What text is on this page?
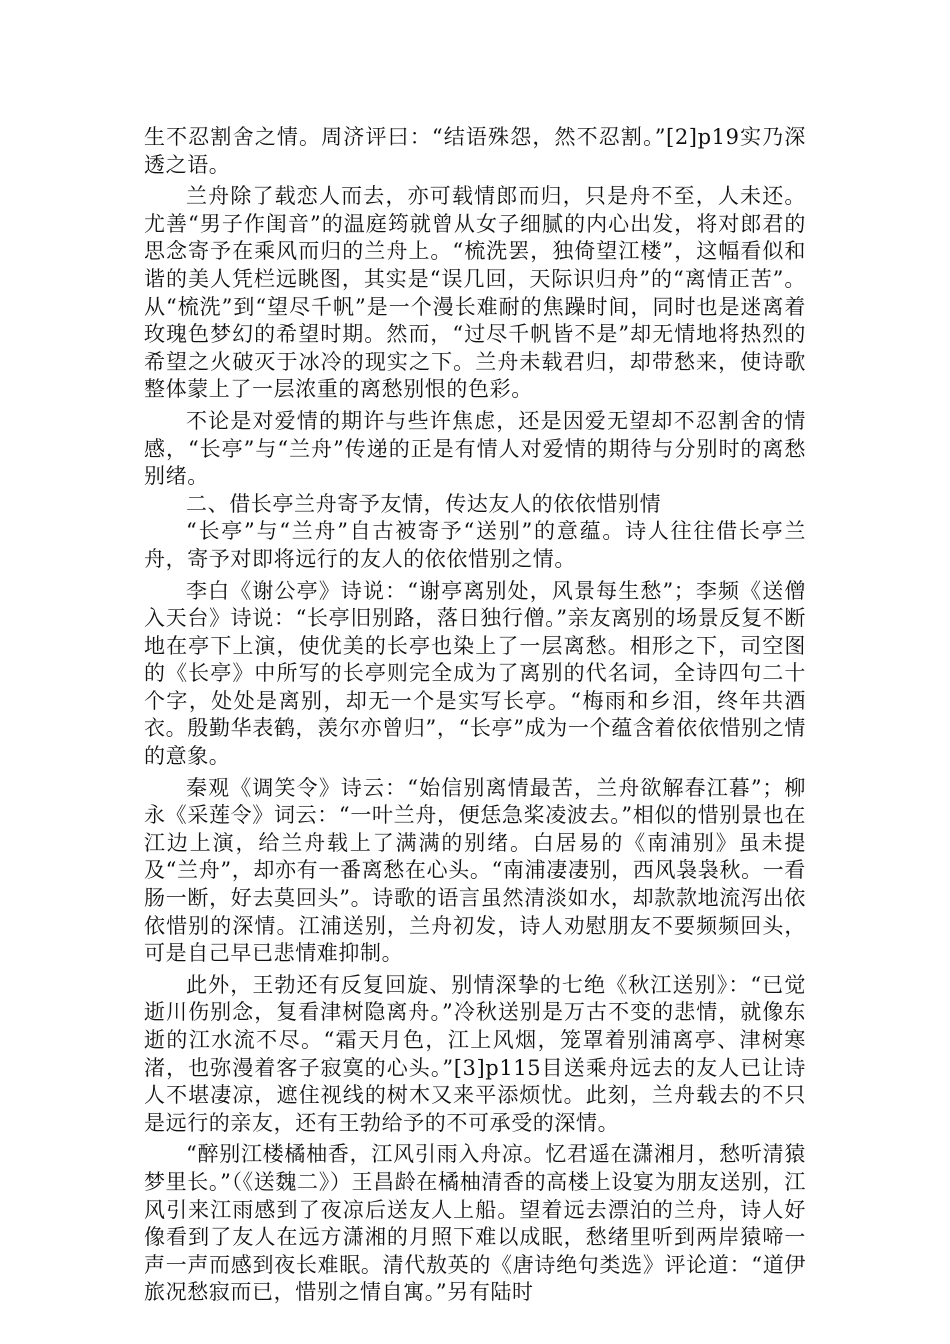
生不忍割舍之情。周济评曰：“结语殊怨，然不忍割。”[2]p19实乃深透之语。

兰舟除了载恋人而去，亦可载情郎而归，只是舟不至，人未还。尤善“男子作闺音”的温庭筠就曾从女子细腻的内心出发，将对郎君的思念寄予在乘风而归的兰舟上。“梳洗罢，独倚望江楼”，这幅看似和谐的美人凭栏远眺图，其实是“误几回，天际识归舟”的“离情正苦”。从“梳洗”到“望尽千帆”是一个漫长难耐的焦躁时间，同时也是迷离着玫瑰色梦幻的希望时期。然而，“过尽千帆皆不是”却无情地将热烈的希望之火破灭于冰冷的现实之下。兰舟未载君归，却带愁来，使诗歌整体蒙上了一层浓重的离愁别恨的色彩。

不论是对爱情的期许与些许焦虑，还是因爱无望却不忍割舍的情感，“长亭”与“兰舟”传递的正是有情人对爱情的期待与分别时的离愁别绪。

二、借长亭兰舟寄予友情，传达友人的依依惜别情

“长亭”与“兰舟”自古被寄予“送别”的意蕴。诗人往往借长亭兰舟，寄予对即将远行的友人的依依惜别之情。

李白《谢公亭》诗说：“谢亭离别处，风景每生愁”；李频《送僧入天台》诗说：“长亭旧别路，落日独行僧。”亲友离别的场景反复不断地在亭下上演，使优美的长亭也染上了一层离愁。相形之下，司空图的《长亭》中所写的长亭则完全成为了离别的代名词，全诗四句二十个字，处处是离别，却无一个是实写长亭。“梅雨和乡泪，终年共酒衣。殷勤华表鹤，羡尔亦曾归”，“长亭”成为一个蕴含着依依惜别之情的意象。

秦观《调笑令》诗云：“始信别离情最苦，兰舟欲解春江暮”；柳永《采莲令》词云：“一叶兰舟，便恁急桨凌波去。”相似的惜别景也在江边上演，给兰舟载上了满满的别绪。白居易的《南浦别》虽未提及“兰舟”，却亦有一番离愁在心头。“南浦凄凄别，西风袅袅秋。一看肠一断，好去莫回头”。诗歌的语言虽然清淡如水，却款款地流泻出依依惜别的深情。江浦送别，兰舟初发，诗人劝慰朋友不要频频回头，可是自己早已悲情难抑制。

此外，王勃还有反复回旋、别情深挚的七绝《秋江送别》：“已觉逝川伤别念，复看津树隐离舟。”冷秋送别是万古不变的悲情，就像东逝的江水流不尽。“霜天月色，江上风烟，笼罩着别浦离亭、津树寒渚，也弥漫着客子寂寞的心头。”[3]p115目送乘舟远去的友人已让诗人不堪凄凉，遮住视线的树木又来平添烦忧。此刻，兰舟载去的不只是远行的亲友，还有王勃给予的不可承受的深情。

“醉别江楼橘柚香，江风引雨入舟凉。忆君遥在潇湘月，愁听清猿梦里长。”（《送魏二》）王昌龄在橘柚清香的高楼上设宴为朋友送别，江风引来江雨感到了夜凉后送友人上船。望着远去漂泊的兰舟，诗人好像看到了友人在远方潇湘的月照下难以成眠，愁绪里听到两岸猿啼一声一声而感到夜长难眠。清代敖英的《唐诗绝句类选》评论道：“道伊旅况愁寂而已，惜别之情自寓。”另有陆时
